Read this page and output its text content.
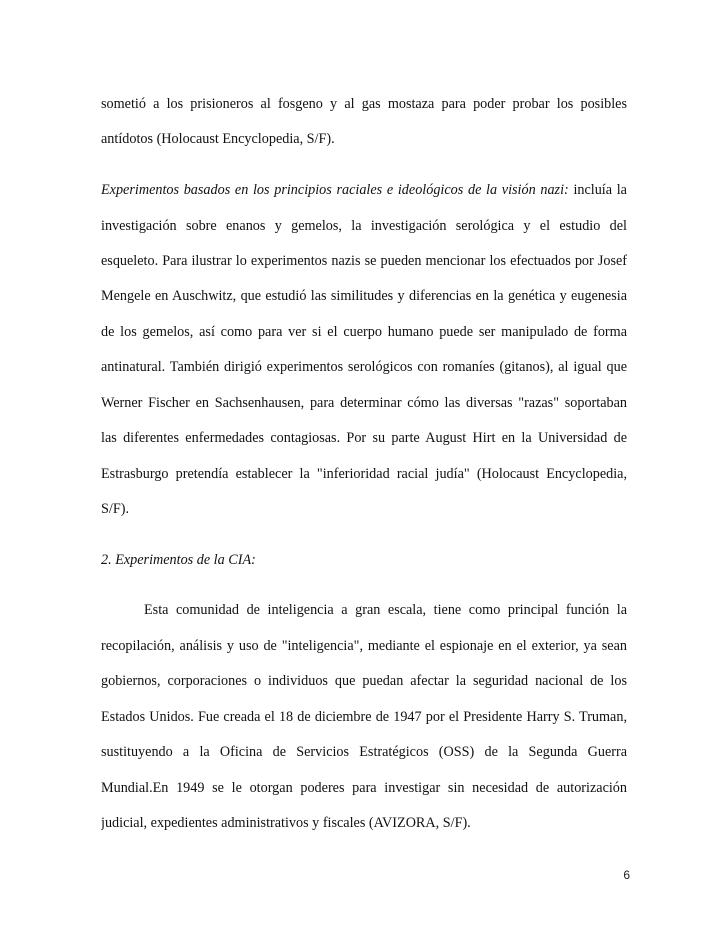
sometió a los prisioneros al fosgeno y al gas mostaza para poder probar los posibles
antídotos (Holocaust Encyclopedia, S/F).
Experimentos basados en los principios raciales e ideológicos de la visión nazi: incluía la
investigación sobre enanos y gemelos, la investigación serológica y el estudio del
esqueleto. Para ilustrar lo experimentos nazis se pueden mencionar los efectuados por Josef
Mengele en Auschwitz, que estudió las similitudes y diferencias en la genética y eugenesia
de los gemelos, así como para ver si el cuerpo humano puede ser manipulado de forma
antinatural. También dirigió experimentos serológicos con romaníes (gitanos), al igual que
Werner Fischer en Sachsenhausen, para determinar cómo las diversas "razas" soportaban
las diferentes enfermedades contagiosas. Por su parte August Hirt en la Universidad de
Estrasburgo pretendía establecer la "inferioridad racial judía" (Holocaust Encyclopedia,
S/F).
2. Experimentos de la CIA:
Esta comunidad de inteligencia a gran escala, tiene como principal función la
recopilación, análisis y uso de "inteligencia", mediante el espionaje en el exterior, ya sean
gobiernos, corporaciones o individuos que puedan afectar la seguridad nacional de los
Estados Unidos. Fue creada el 18 de diciembre de 1947 por el Presidente Harry S. Truman,
sustituyendo a la Oficina de Servicios Estratégicos (OSS) de la Segunda Guerra
Mundial.En 1949 se le otorgan poderes para investigar sin necesidad de autorización
judicial, expedientes administrativos y fiscales (AVIZORA, S/F).
6
